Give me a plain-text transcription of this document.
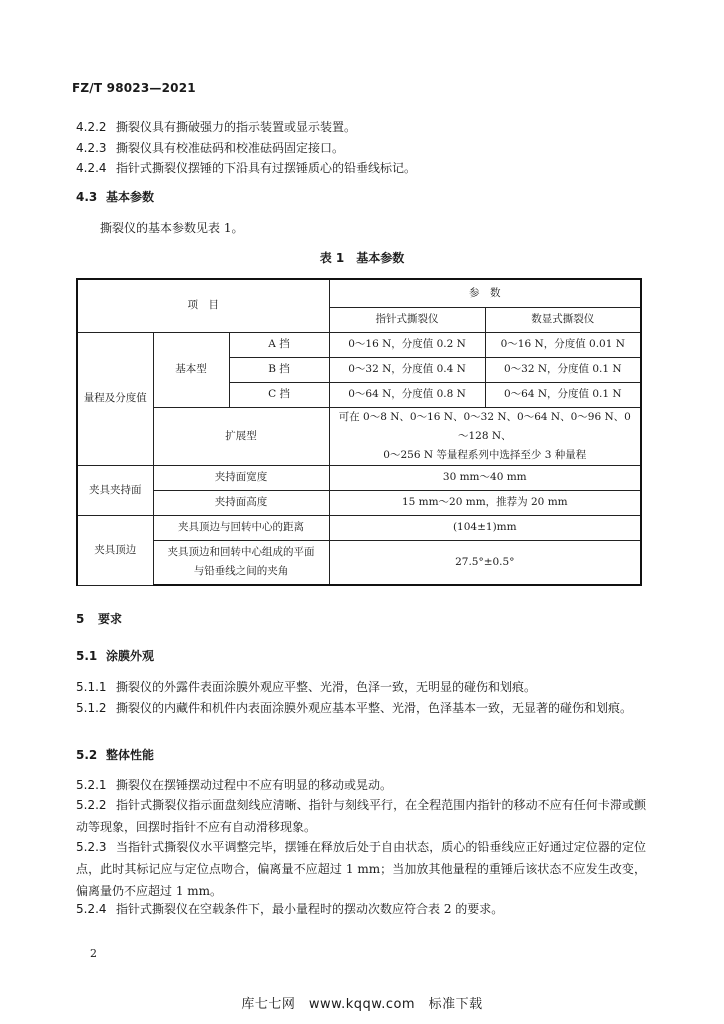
FZ/T 98023—2021
4.2.2 撕裂仪具有撕破强力的指示装置或显示装置。
4.2.3 撕裂仪具有校准砝码和校准砝码固定接口。
4.2.4 指针式撕裂仪摆锤的下沿具有过摆锤质心的铅垂线标记。
4.3 基本参数
撕裂仪的基本参数见表 1。
表 1　基本参数
项　目			参　数	
			指针式撕裂仪	数显式撕裂仪
量程及分度值	基本型	A 挡	0～16 N，分度值 0.2 N	0～16 N，分度值 0.01 N
		B 挡	0～32 N，分度值 0.4 N	0～32 N，分度值 0.1 N
		C 挡	0～64 N，分度值 0.8 N	0～64 N，分度值 0.1 N
	扩展型		可在 0～8 N、0～16 N、0～32 N、0～64 N、0～96 N、0～128 N、
0～256 N 等量程系列中选择至少 3 种量程	

夹具夹持面	夹持面宽度		30 mm～40 mm	
	夹持面高度		15 mm～20 mm，推荐为 20 mm	
夹具顶边	夹具顶边与回转中心的距离		(104±1)mm	

	夹具顶边和回转中心组成的平面
与铅垂线之间的夹角		27.5°±0.5°	
5 要求
5.1 涂膜外观
5.1.1 撕裂仪的外露件表面涂膜外观应平整、光滑，色泽一致，无明显的碰伤和划痕。
5.1.2 撕裂仪的内藏件和机件内表面涂膜外观应基本平整、光滑，色泽基本一致，无显著的碰伤和划痕。
5.2 整体性能
5.2.1 撕裂仪在摆锤摆动过程中不应有明显的移动或晃动。
5.2.2 指针式撕裂仪指示面盘刻线应清晰、指针与刻线平行，在全程范围内指针的移动不应有任何卡滞或颤动等现象，回摆时指针不应有自动滑移现象。
5.2.3 当指针式撕裂仪水平调整完毕，摆锤在释放后处于自由状态，质心的铅垂线应正好通过定位器的定位点，此时其标记应与定位点吻合，偏离量不应超过 1 mm；当加放其他量程的重锤后该状态不应发生改变，偏离量仍不应超过 1 mm。
5.2.4 指针式撕裂仪在空载条件下，最小量程时的摆动次数应符合表 2 的要求。
2
库七七网　www.kqqw.com　标准下载
